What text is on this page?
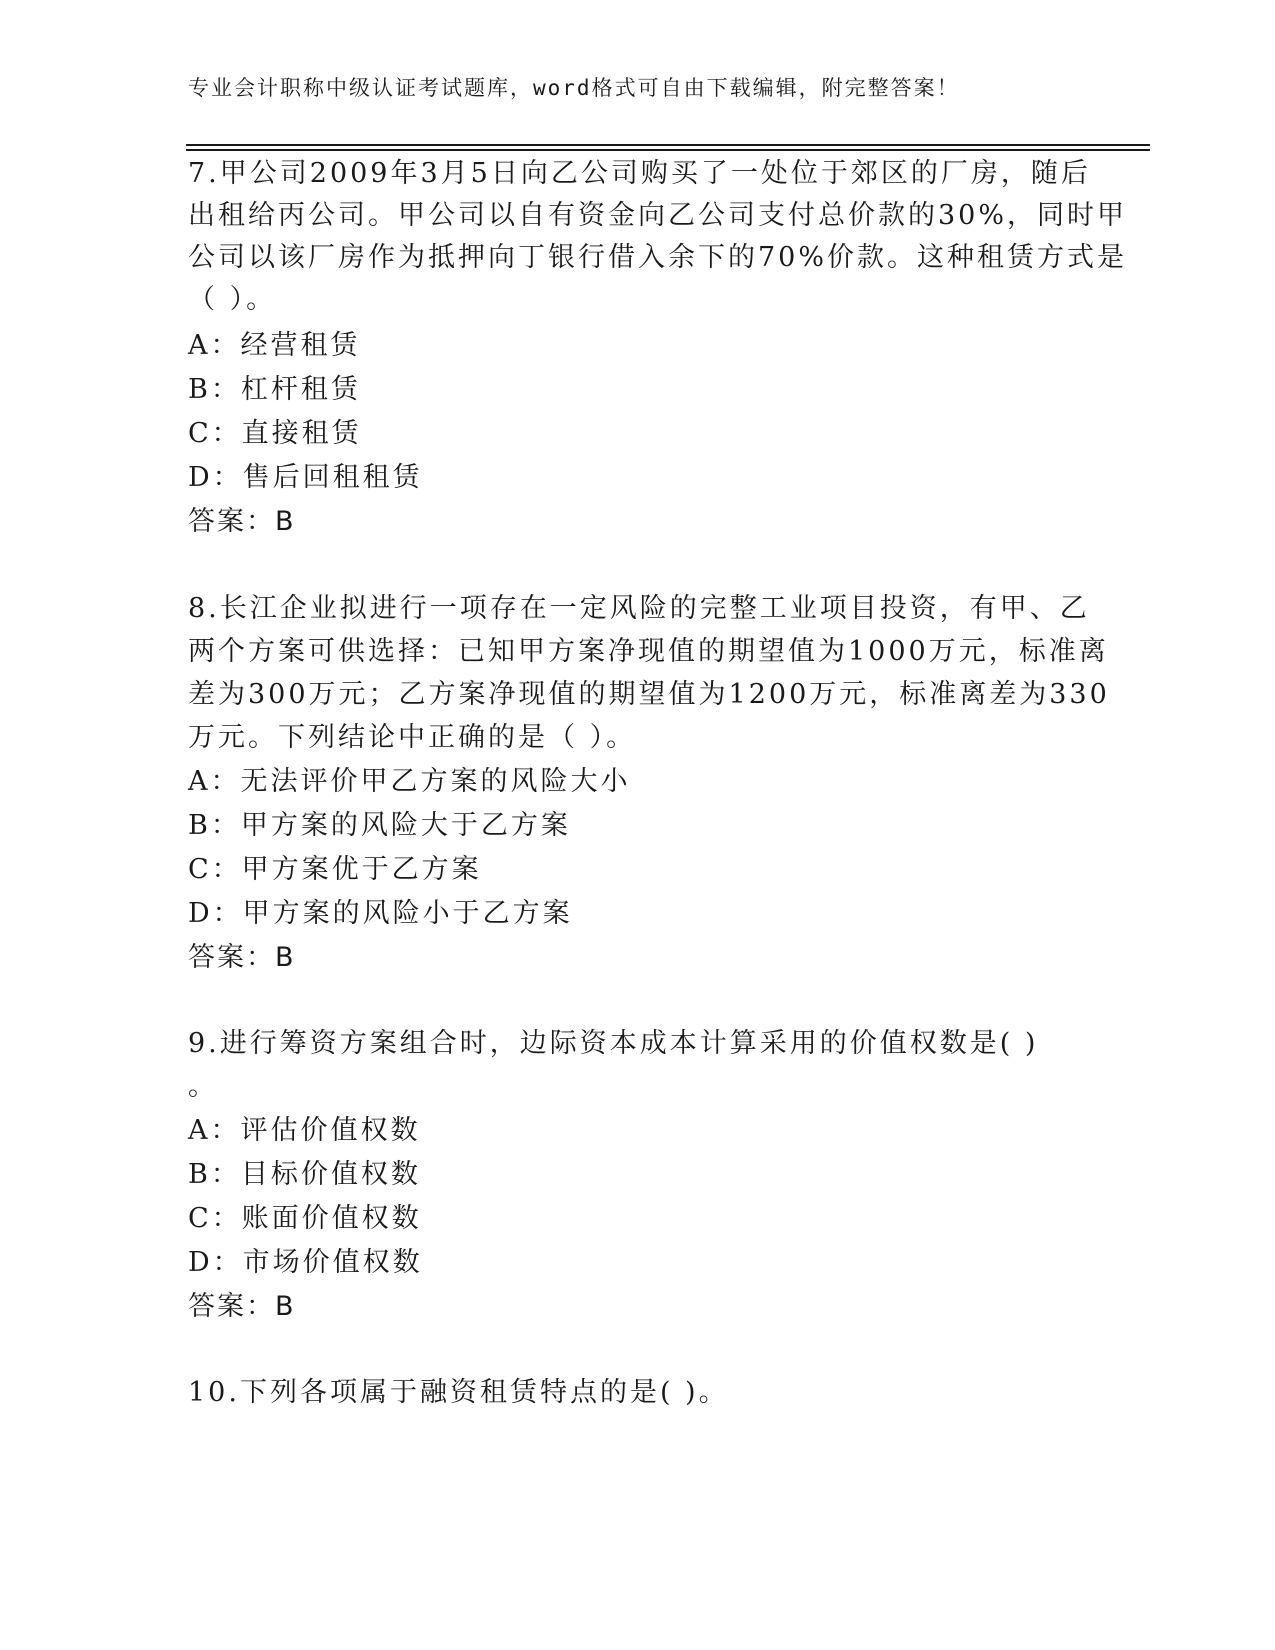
专业会计职称中级认证考试题库，word格式可自由下载编辑，附完整答案！
7.甲公司2009年3月5日向乙公司购买了一处位于郊区的厂房，随后
出租给丙公司。甲公司以自有资金向乙公司支付总价款的30%，同时甲
公司以该厂房作为抵押向丁银行借入余下的70%价款。这种租赁方式是
（ ）。
A：经营租赁
B：杠杆租赁
C：直接租赁
D：售后回租租赁
答案：B
8.长江企业拟进行一项存在一定风险的完整工业项目投资，有甲、乙
两个方案可供选择：已知甲方案净现值的期望值为1000万元，标准离
差为300万元；乙方案净现值的期望值为1200万元，标准离差为330
万元。下列结论中正确的是（ ）。
A：无法评价甲乙方案的风险大小
B：甲方案的风险大于乙方案
C：甲方案优于乙方案
D：甲方案的风险小于乙方案
答案：B
9.进行筹资方案组合时，边际资本成本计算采用的价值权数是( )
。
A：评估价值权数
B：目标价值权数
C：账面价值权数
D：市场价值权数
答案：B
10.下列各项属于融资租赁特点的是( )。
